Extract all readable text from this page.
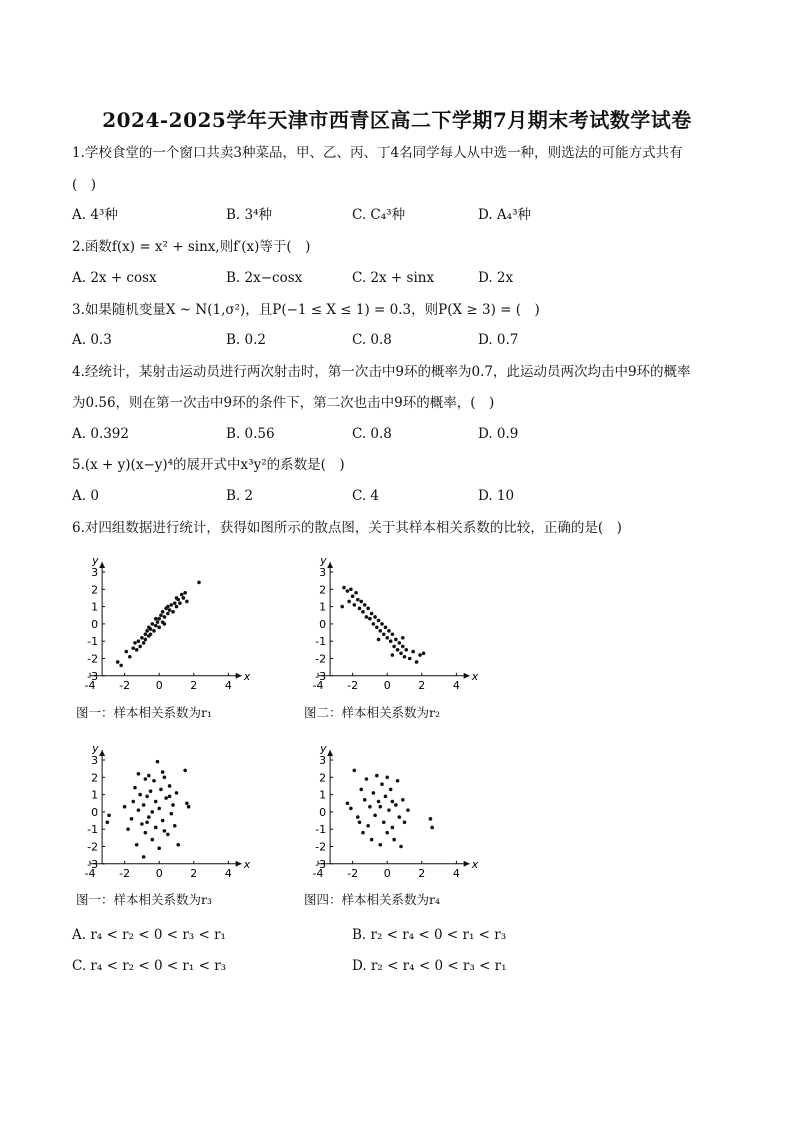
2024-2025学年天津市西青区高二下学期7月期末考试数学试卷
1.学校食堂的一个窗口共卖3种菜品，甲、乙、丙、丁4名同学每人从中选一种，则选法的可能方式共有
(　)
A. 4³种	B. 3⁴种	C. C₄³种	D. A₄³种
2.函数f(x) = x² + sinx,则f′(x)等于(　)
A. 2x + cosx	B. 2x−cosx	C. 2x + sinx	D. 2x
3.如果随机变量X ~ N(1,σ²)，且P(−1 ≤ X ≤ 1) = 0.3，则P(X ≥ 3) = (　)
A. 0.3	B. 0.2	C. 0.8	D. 0.7
4.经统计，某射击运动员进行两次射击时，第一次击中9环的概率为0.7，此运动员两次均击中9环的概率
为0.56，则在第一次击中9环的条件下，第二次也击中9环的概率，(　)
A. 0.392	B. 0.56	C. 0.8	D. 0.9
5.(x + y)(x−y)⁴的展开式中x³y²的系数是(　)
A. 0	B. 2	C. 4	D. 10
6.对四组数据进行统计，获得如图所示的散点图，关于其样本相关系数的比较，正确的是(　)
x
y
-4 -2 0	2	4
-3
-2
-1
0
1
2
3
图一：样本相关系数为r₁
x
y
-4 -2 0	2	4
-3
-2
-1
0
1
2
3
图二：样本相关系数为r₂
x
y
-4 -2 0	2	4
-3
-2
-1
0
1
2
3
图一：样本相关系数为r₃
x
y
-4 -2 0	2	4
-3
-2
-1
0
1
2
3
图四：样本相关系数为r₄
A. r₄ < r₂ < 0 < r₃ < r₁	B. r₂ < r₄ < 0 < r₁ < r₃
C. r₄ < r₂ < 0 < r₁ < r₃	D. r₂ < r₄ < 0 < r₃ < r₁
